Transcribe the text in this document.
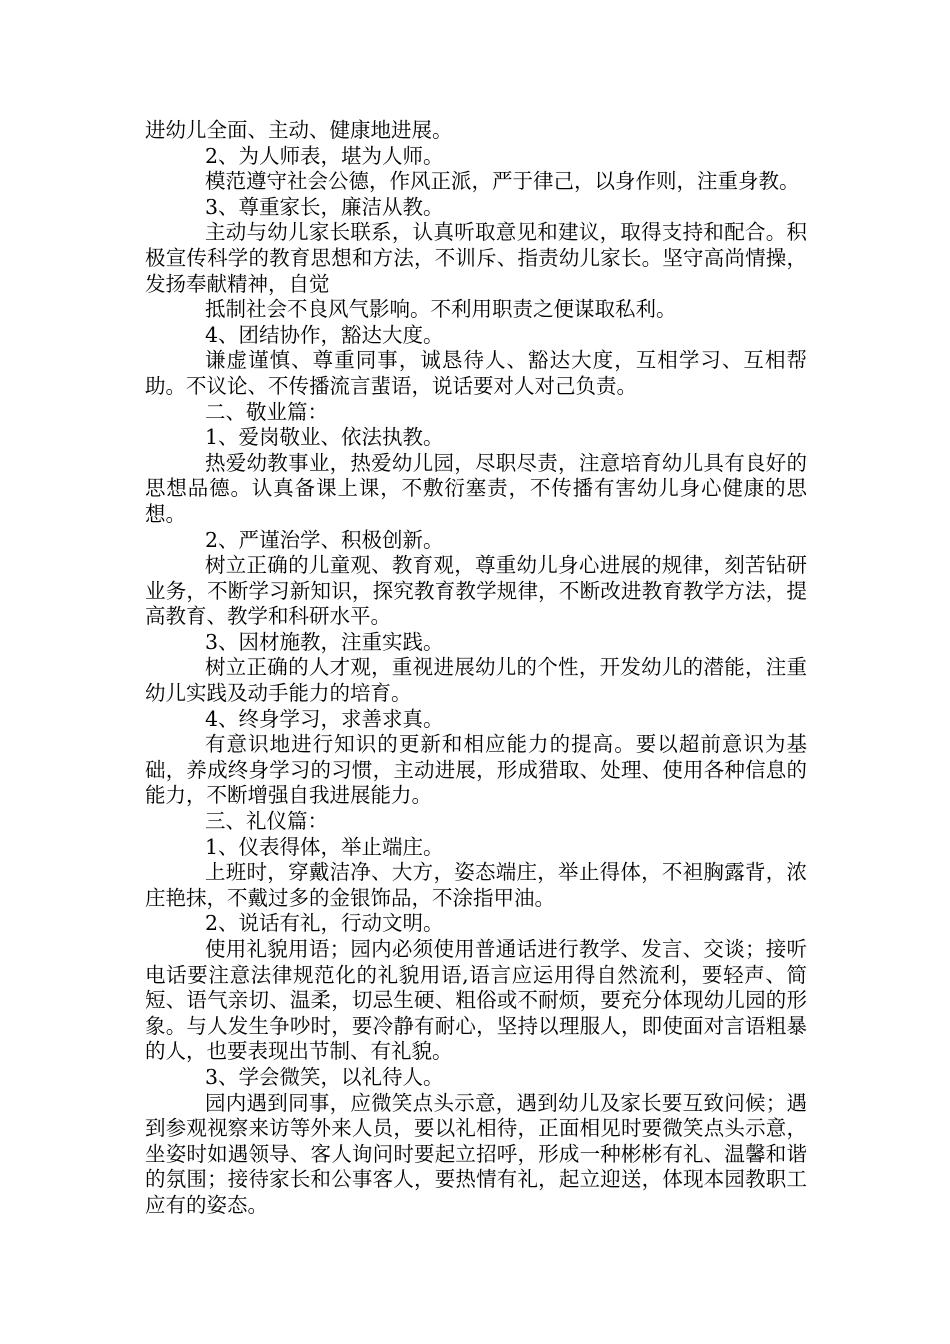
进幼儿全面、主动、健康地进展。

2、为人师表，堪为人师。

模范遵守社会公德，作风正派，严于律己，以身作则，注重身教。

3、尊重家长，廉洁从教。

主动与幼儿家长联系，认真听取意见和建议，取得支持和配合。积极宣传科学的教育思想和方法，不训斥、指责幼儿家长。坚守高尚情操，发扬奉献精神，自觉

抵制社会不良风气影响。不利用职责之便谋取私利。

4、团结协作，豁达大度。

谦虚谨慎、尊重同事，诚恳待人、豁达大度，互相学习、互相帮助。不议论、不传播流言蜚语，说话要对人对己负责。

二、敬业篇：

1、爱岗敬业、依法执教。

热爱幼教事业，热爱幼儿园，尽职尽责，注意培育幼儿具有良好的思想品德。认真备课上课，不敷衍塞责，不传播有害幼儿身心健康的思想。

2、严谨治学、积极创新。

树立正确的儿童观、教育观，尊重幼儿身心进展的规律，刻苦钻研业务，不断学习新知识，探究教育教学规律，不断改进教育教学方法，提高教育、教学和科研水平。

3、因材施教，注重实践。

树立正确的人才观，重视进展幼儿的个性，开发幼儿的潜能，注重幼儿实践及动手能力的培育。

4、终身学习，求善求真。

有意识地进行知识的更新和相应能力的提高。要以超前意识为基础，养成终身学习的习惯，主动进展，形成猎取、处理、使用各种信息的能力，不断增强自我进展能力。

三、礼仪篇：

1、仪表得体，举止端庄。

上班时，穿戴洁净、大方，姿态端庄，举止得体，不袒胸露背，浓庄艳抹，不戴过多的金银饰品，不涂指甲油。

2、说话有礼，行动文明。

使用礼貌用语；园内必须使用普通话进行教学、发言、交谈；接听电话要注意法律规范化的礼貌用语,语言应运用得自然流利，要轻声、简短、语气亲切、温柔，切忌生硬、粗俗或不耐烦，要充分体现幼儿园的形象。与人发生争吵时，要冷静有耐心，坚持以理服人，即使面对言语粗暴的人，也要表现出节制、有礼貌。

3、学会微笑，以礼待人。

园内遇到同事，应微笑点头示意，遇到幼儿及家长要互致问候；遇到参观视察来访等外来人员，要以礼相待，正面相见时要微笑点头示意，坐姿时如遇领导、客人询问时要起立招呼，形成一种彬彬有礼、温馨和谐的氛围；接待家长和公事客人，要热情有礼，起立迎送，体现本园教职工应有的姿态。
